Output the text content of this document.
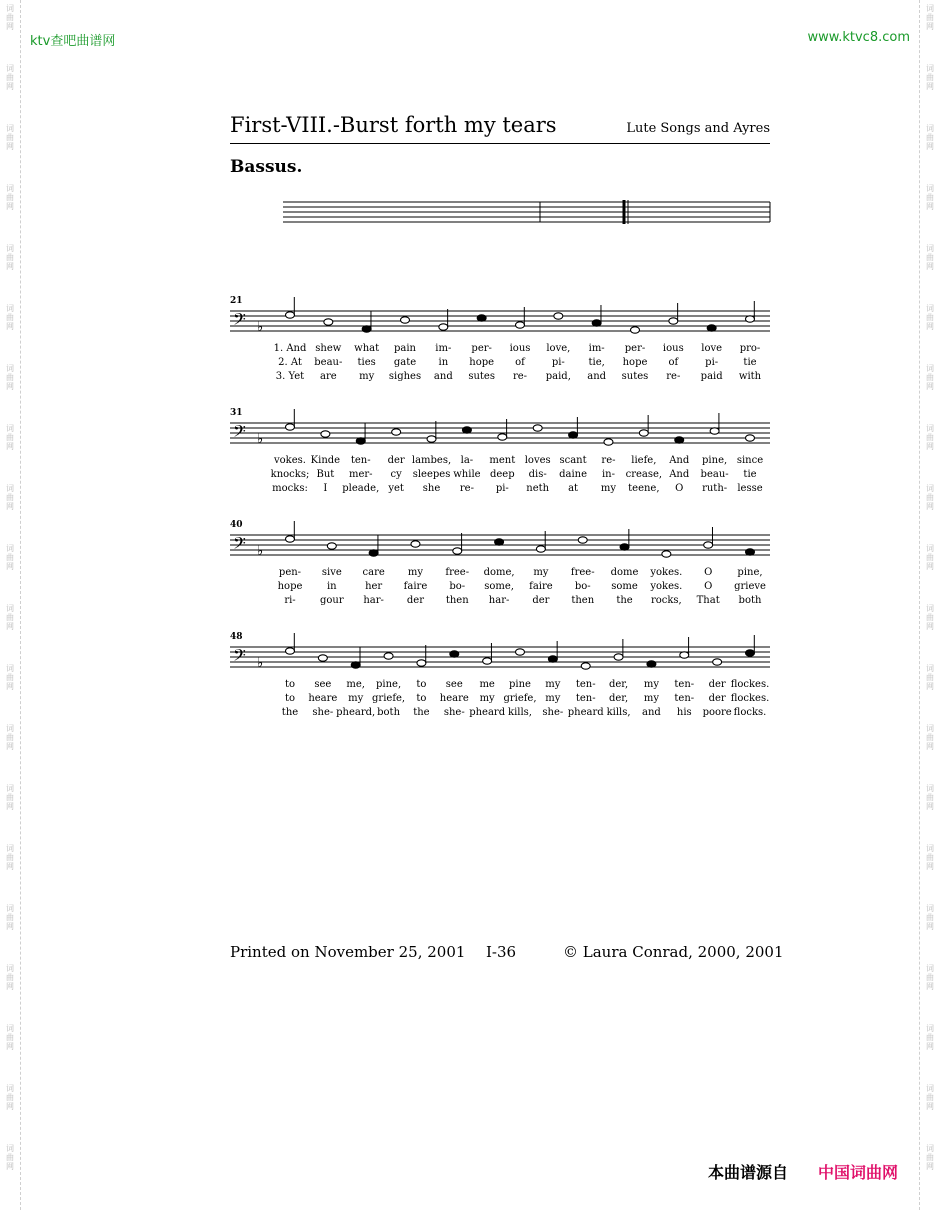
ktv查吧曲谱网	www.ktvc8.com
First-VIII.-Burst forth my tears	Lute Songs and Ayres
Bassus.
21
𝄢 ♭
1. And shew what pain im- per- ious love, im- per- ious love pro-
2. At beau- ties gate in hope of	pi- tie, hope of	pi-	tie
3. Yet are my sighes and sutes re- paid, and sutes re- paid with
31
𝄢 ♭
vokes. Kinde ten- der lambes, la- ment loves scant re- liefe, And pine, since
knocks; But mer- cy sleepes while deep dis- daine in- crease, And beau- tie
mocks: I pleade, yet she re- pi- neth at my teene, O ruth- lesse
40
𝄢 ♭
pen- sive care my free- dome, my free- dome yokes. O	pine,
hope in	her faire bo- some, faire bo- some yokes. O grieve
ri- gour har- der then har- der then the rocks, That both
48
𝄢 ♭
to see me, pine, to see me pine my ten- der, my ten- der flockes.
to heare my griefe, to heare my griefe, my ten- der, my ten- der flockes.
the she- pheard, both the she- pheard kills, she- pheard kills, and his poore flocks.
Printed on November 25, 2001 I-36	© Laura Conrad, 2000, 2001
本曲谱源自 中国词曲网
词
曲
网
词
曲
网
词
曲
网
词
曲
网
词
曲
网
词
曲
网
词
曲
网
词
曲
网
词
曲
网
词
曲
网
词
曲
网
词
曲
网
词
曲
网
词
曲
网
词
曲
网
词
曲
网
词
曲
网
词
曲
网
词
曲
网
词
曲
网
词
曲
网
词
曲
网
词
曲
网
词
曲
网
词
曲
网
词
曲
网
词
曲
网
词
曲
网
词
曲
网
词
曲
网
词
曲
网
词
曲
网
词
曲
网
词
曲
网
词
曲
网
词
曲
网
词
曲
网
词
曲
网
词
曲
网
词
曲
网
